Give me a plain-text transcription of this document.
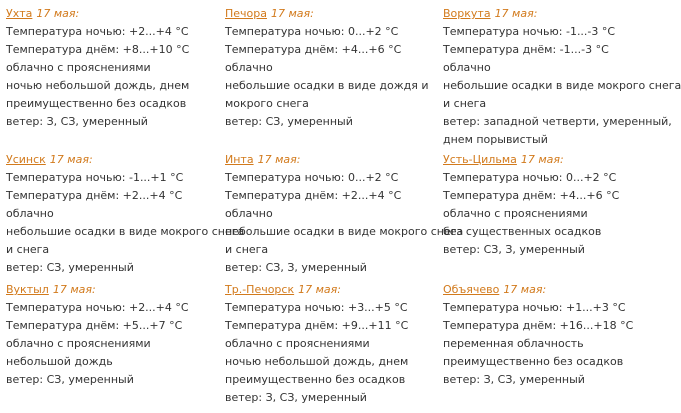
Ухта 17 мая:
Температура ночью: +2...+4 °С
Температура днём: +8...+10 °С
облачно с прояснениями
ночью небольшой дождь, днем
преимущественно без осадков
ветер: З, СЗ, умеренный
Печора 17 мая:
Температура ночью: 0...+2 °С
Температура днём: +4...+6 °С
облачно
небольшие осадки в виде дождя и
мокрого снега
ветер: СЗ, умеренный
Воркута 17 мая:
Температура ночью: -1...-3 °С
Температура днём: -1...-3 °С
облачно
небольшие осадки в виде мокрого снега
и снега
ветер: западной четверти, умеренный,
днем порывистый
Усинск 17 мая:
Температура ночью: -1...+1 °С
Температура днём: +2...+4 °С
облачно
небольшие осадки в виде мокрого снега
и снега
ветер: СЗ, умеренный
Инта 17 мая:
Температура ночью: 0...+2 °С
Температура днём: +2...+4 °С
облачно
небольшие осадки в виде мокрого снега
и снега
ветер: СЗ, З, умеренный
Усть-Цильма 17 мая:
Температура ночью: 0...+2 °С
Температура днём: +4...+6 °С
облачно с прояснениями
без существенных осадков
ветер: СЗ, З, умеренный
Вуктыл 17 мая:
Температура ночью: +2...+4 °С
Температура днём: +5...+7 °С
облачно с прояснениями
небольшой дождь
ветер: СЗ, умеренный
Тр.-Печорск 17 мая:
Температура ночью: +3...+5 °С
Температура днём: +9...+11 °С
облачно с прояснениями
ночью небольшой дождь, днем
преимущественно без осадков
ветер: З, СЗ, умеренный
Объячево 17 мая:
Температура ночью: +1...+3 °С
Температура днём: +16...+18 °С
переменная облачность
преимущественно без осадков
ветер: З, СЗ, умеренный
